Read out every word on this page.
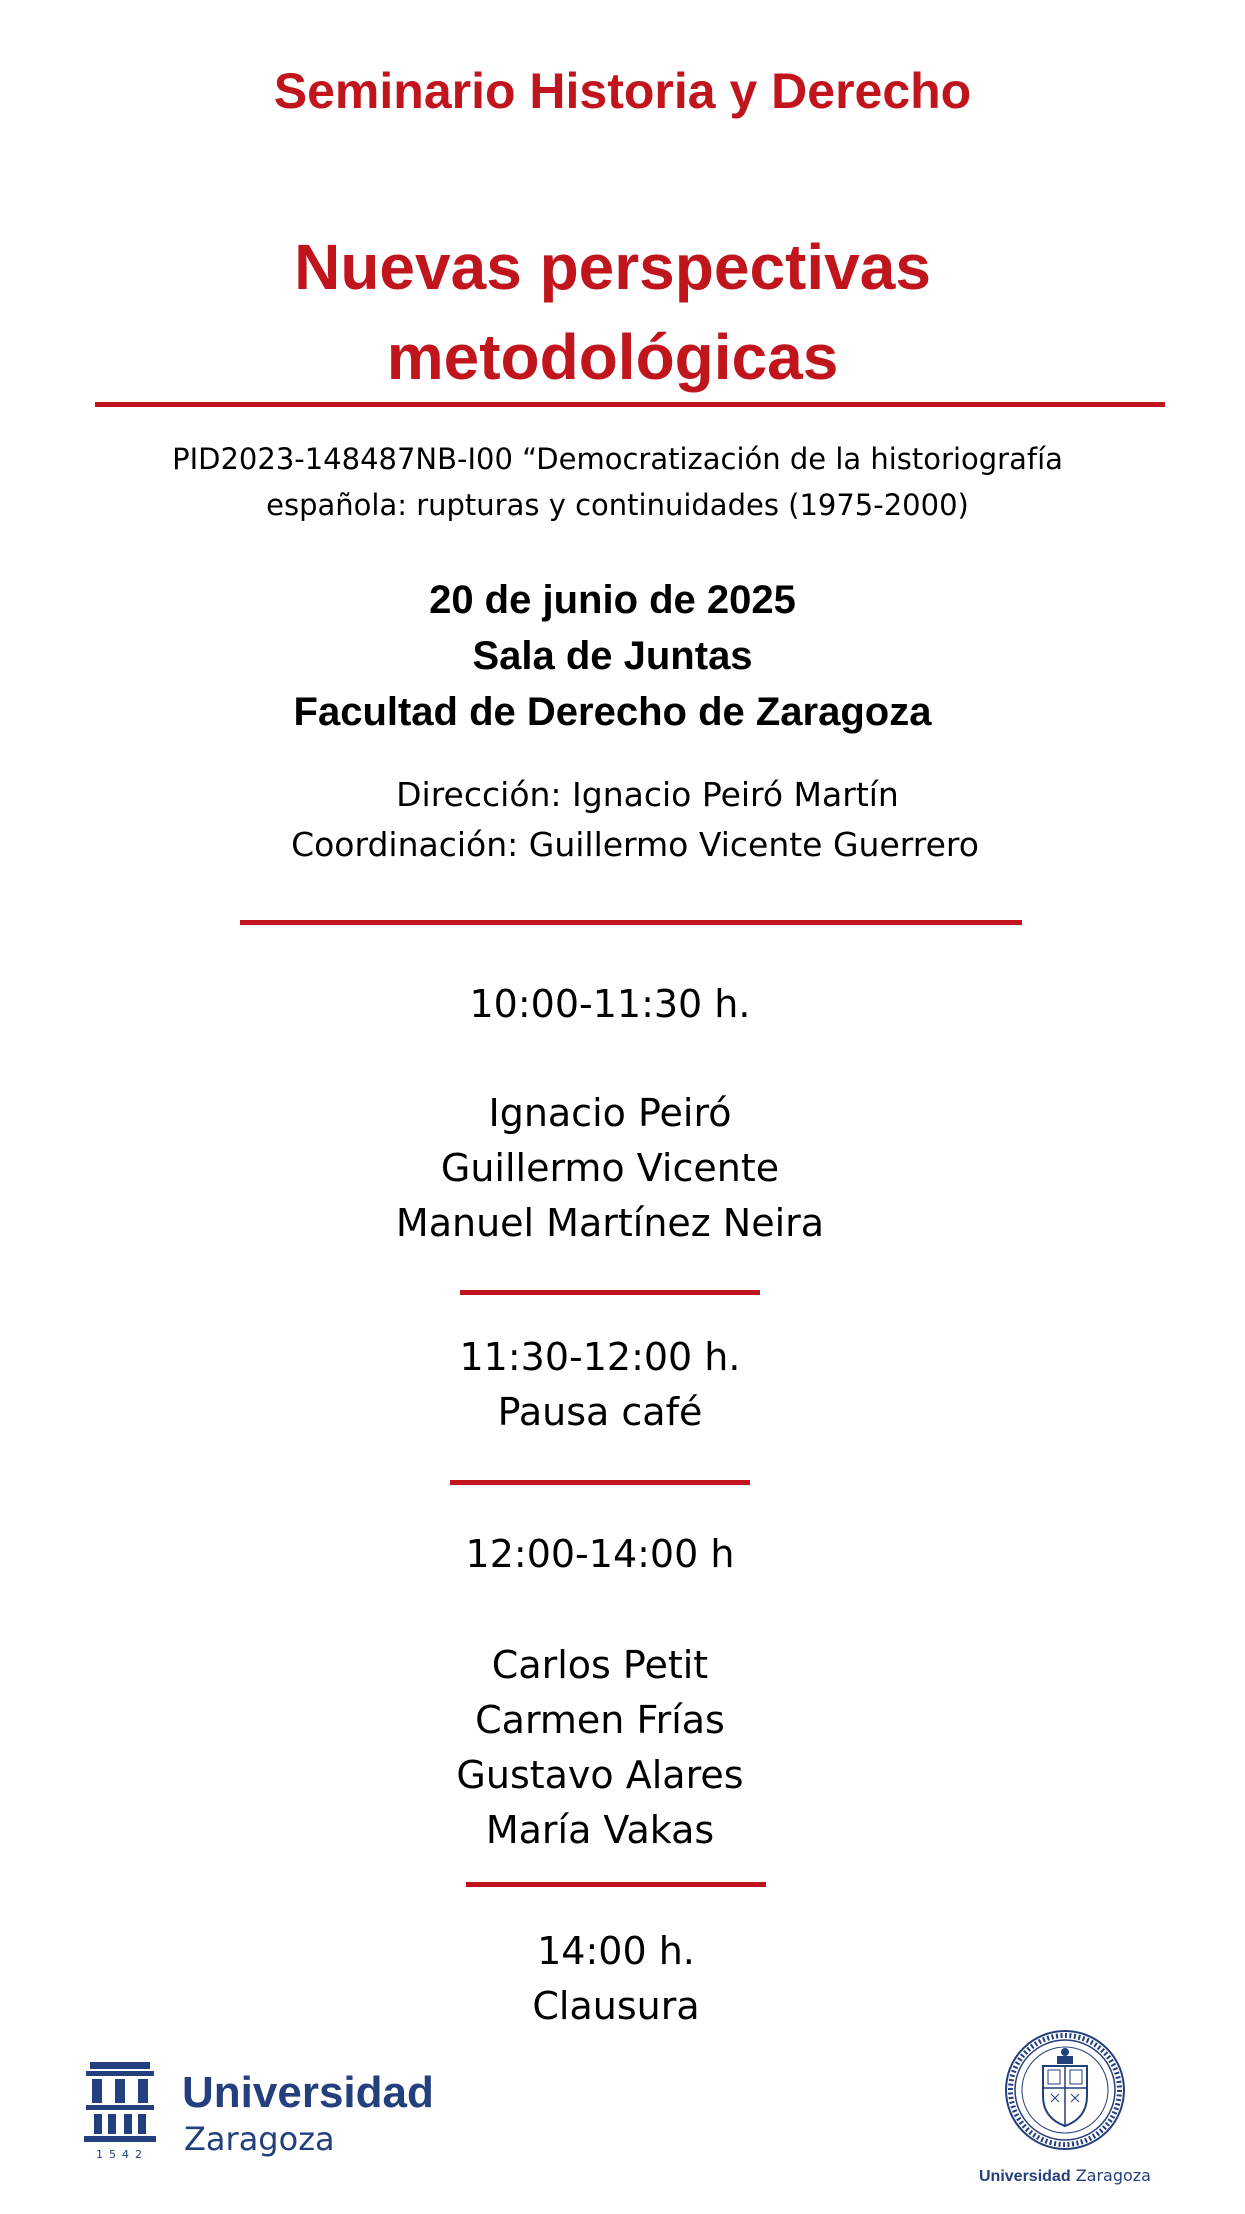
Seminario Historia y Derecho
Nuevas perspectivas
metodológicas
PID2023-148487NB-I00 “Democratización de la historiografía
española: rupturas y continuidades (1975-2000)
20 de junio de 2025
Sala de Juntas
Facultad de Derecho de Zaragoza
Dirección: Ignacio Peiró Martín
Coordinación: Guillermo Vicente Guerrero
10:00-11:30 h.
Ignacio Peiró
Guillermo Vicente
Manuel Martínez Neira
11:30-12:00 h.
Pausa café
12:00-14:00 h
Carlos Petit
Carmen Frías
Gustavo Alares
María Vakas
14:00 h.
Clausura
1542
Universidad
Zaragoza
Universidad Zaragoza
